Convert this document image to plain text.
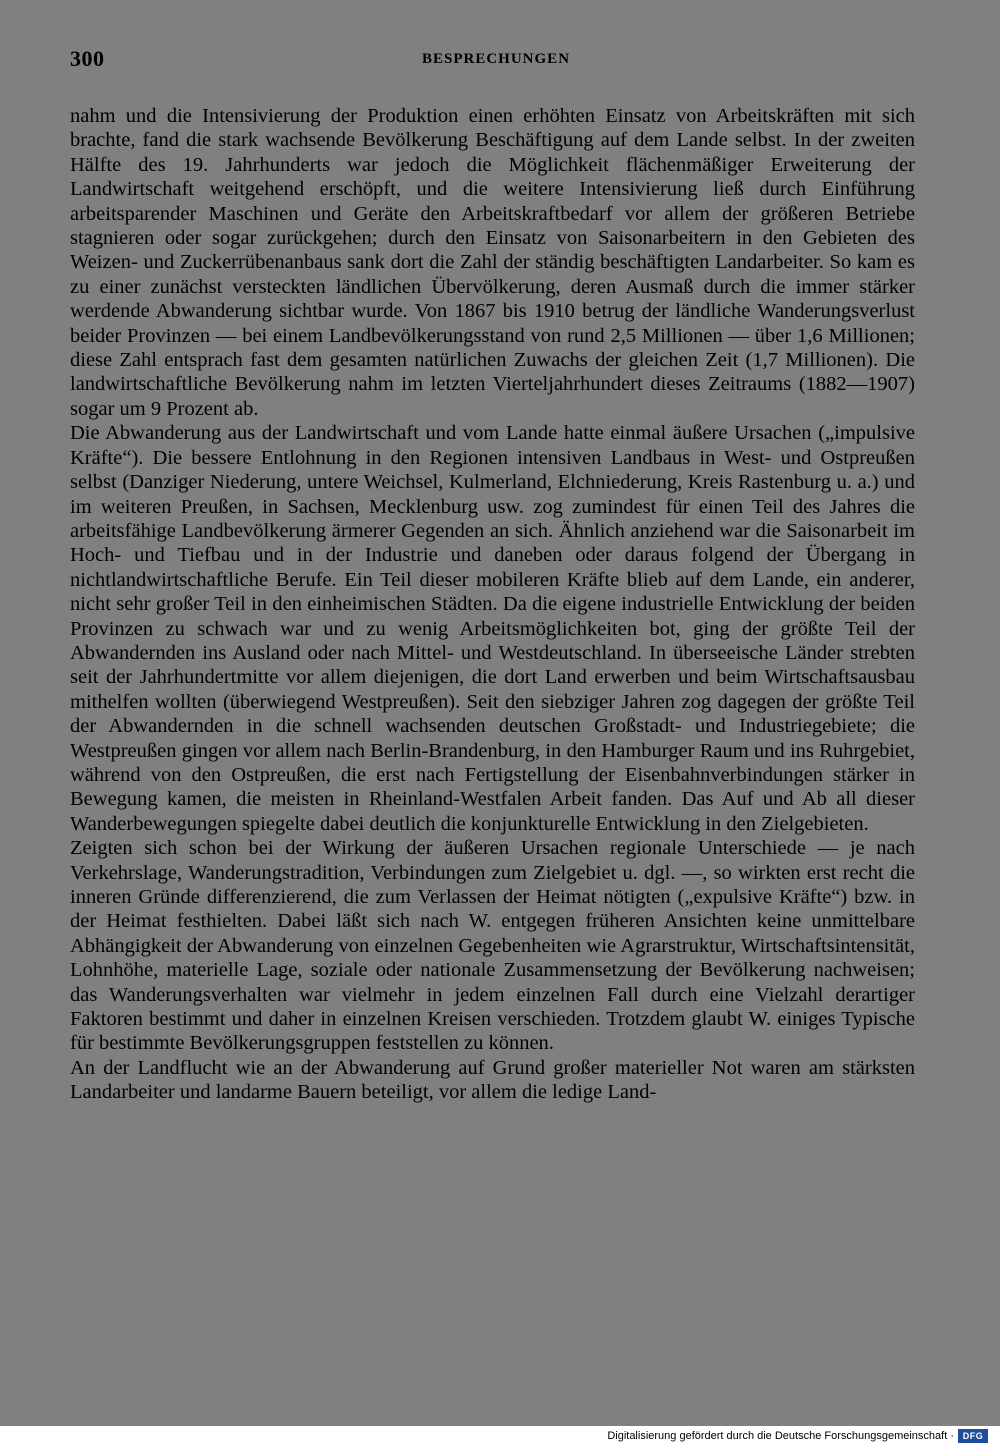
300	BESPRECHUNGEN

nahm und die Intensivierung der Produktion einen erhöhten Einsatz von Arbeitskräften mit sich brachte, fand die stark wachsende Bevölkerung Beschäftigung auf dem Lande selbst. In der zweiten Hälfte des 19. Jahrhunderts war jedoch die Möglichkeit flächenmäßiger Erweiterung der Landwirtschaft weitgehend erschöpft, und die weitere Intensivierung ließ durch Einführung arbeitsparender Maschinen und Geräte den Arbeitskraftbedarf vor allem der größeren Betriebe stagnieren oder sogar zurückgehen; durch den Einsatz von Saisonarbeitern in den Gebieten des Weizen- und Zuckerrübenanbaus sank dort die Zahl der ständig beschäftigten Landarbeiter. So kam es zu einer zunächst versteckten ländlichen Übervölkerung, deren Ausmaß durch die immer stärker werdende Abwanderung sichtbar wurde. Von 1867 bis 1910 betrug der ländliche Wanderungsverlust beider Provinzen — bei einem Landbevölkerungsstand von rund 2,5 Millionen — über 1,6 Millionen; diese Zahl entsprach fast dem gesamten natürlichen Zuwachs der gleichen Zeit (1,7 Millionen). Die landwirtschaftliche Bevölkerung nahm im letzten Vierteljahrhundert dieses Zeitraums (1882—1907) sogar um 9 Prozent ab.

Die Abwanderung aus der Landwirtschaft und vom Lande hatte einmal äußere Ursachen („impulsive Kräfte“). Die bessere Entlohnung in den Regionen intensiven Landbaus in West- und Ostpreußen selbst (Danziger Niederung, untere Weichsel, Kulmerland, Elchniederung, Kreis Rastenburg u. a.) und im weiteren Preußen, in Sachsen, Mecklenburg usw. zog zumindest für einen Teil des Jahres die arbeitsfähige Landbevölkerung ärmerer Gegenden an sich. Ähnlich anziehend war die Saisonarbeit im Hoch- und Tiefbau und in der Industrie und daneben oder daraus folgend der Übergang in nichtlandwirtschaftliche Berufe. Ein Teil dieser mobileren Kräfte blieb auf dem Lande, ein anderer, nicht sehr großer Teil in den einheimischen Städten. Da die eigene industrielle Entwicklung der beiden Provinzen zu schwach war und zu wenig Arbeitsmöglichkeiten bot, ging der größte Teil der Abwandernden ins Ausland oder nach Mittel- und Westdeutschland. In überseeische Länder strebten seit der Jahrhundertmitte vor allem diejenigen, die dort Land erwerben und beim Wirtschaftsausbau mithelfen wollten (überwiegend Westpreußen). Seit den siebziger Jahren zog dagegen der größte Teil der Abwandernden in die schnell wachsenden deutschen Großstadt- und Industriegebiete; die Westpreußen gingen vor allem nach Berlin-Brandenburg, in den Hamburger Raum und ins Ruhrgebiet, während von den Ostpreußen, die erst nach Fertigstellung der Eisenbahnverbindungen stärker in Bewegung kamen, die meisten in Rheinland-Westfalen Arbeit fanden. Das Auf und Ab all dieser Wanderbewegungen spiegelte dabei deutlich die konjunkturelle Entwicklung in den Zielgebieten.

Zeigten sich schon bei der Wirkung der äußeren Ursachen regionale Unterschiede — je nach Verkehrslage, Wanderungstradition, Verbindungen zum Zielgebiet u. dgl. —, so wirkten erst recht die inneren Gründe differenzierend, die zum Verlassen der Heimat nötigten („expulsive Kräfte“) bzw. in der Heimat festhielten. Dabei läßt sich nach W. entgegen früheren Ansichten keine unmittelbare Abhängigkeit der Abwanderung von einzelnen Gegebenheiten wie Agrarstruktur, Wirtschaftsintensität, Lohnhöhe, materielle Lage, soziale oder nationale Zusammensetzung der Bevölkerung nachweisen; das Wanderungsverhalten war vielmehr in jedem einzelnen Fall durch eine Vielzahl derartiger Faktoren bestimmt und daher in einzelnen Kreisen verschieden. Trotzdem glaubt W. einiges Typische für bestimmte Bevölkerungsgruppen feststellen zu können.

An der Landflucht wie an der Abwanderung auf Grund großer materieller Not waren am stärksten Landarbeiter und landarme Bauern beteiligt, vor allem die ledige Land-

Digitalisierung gefördert durch die Deutsche Forschungsgemeinschaft · DFG
